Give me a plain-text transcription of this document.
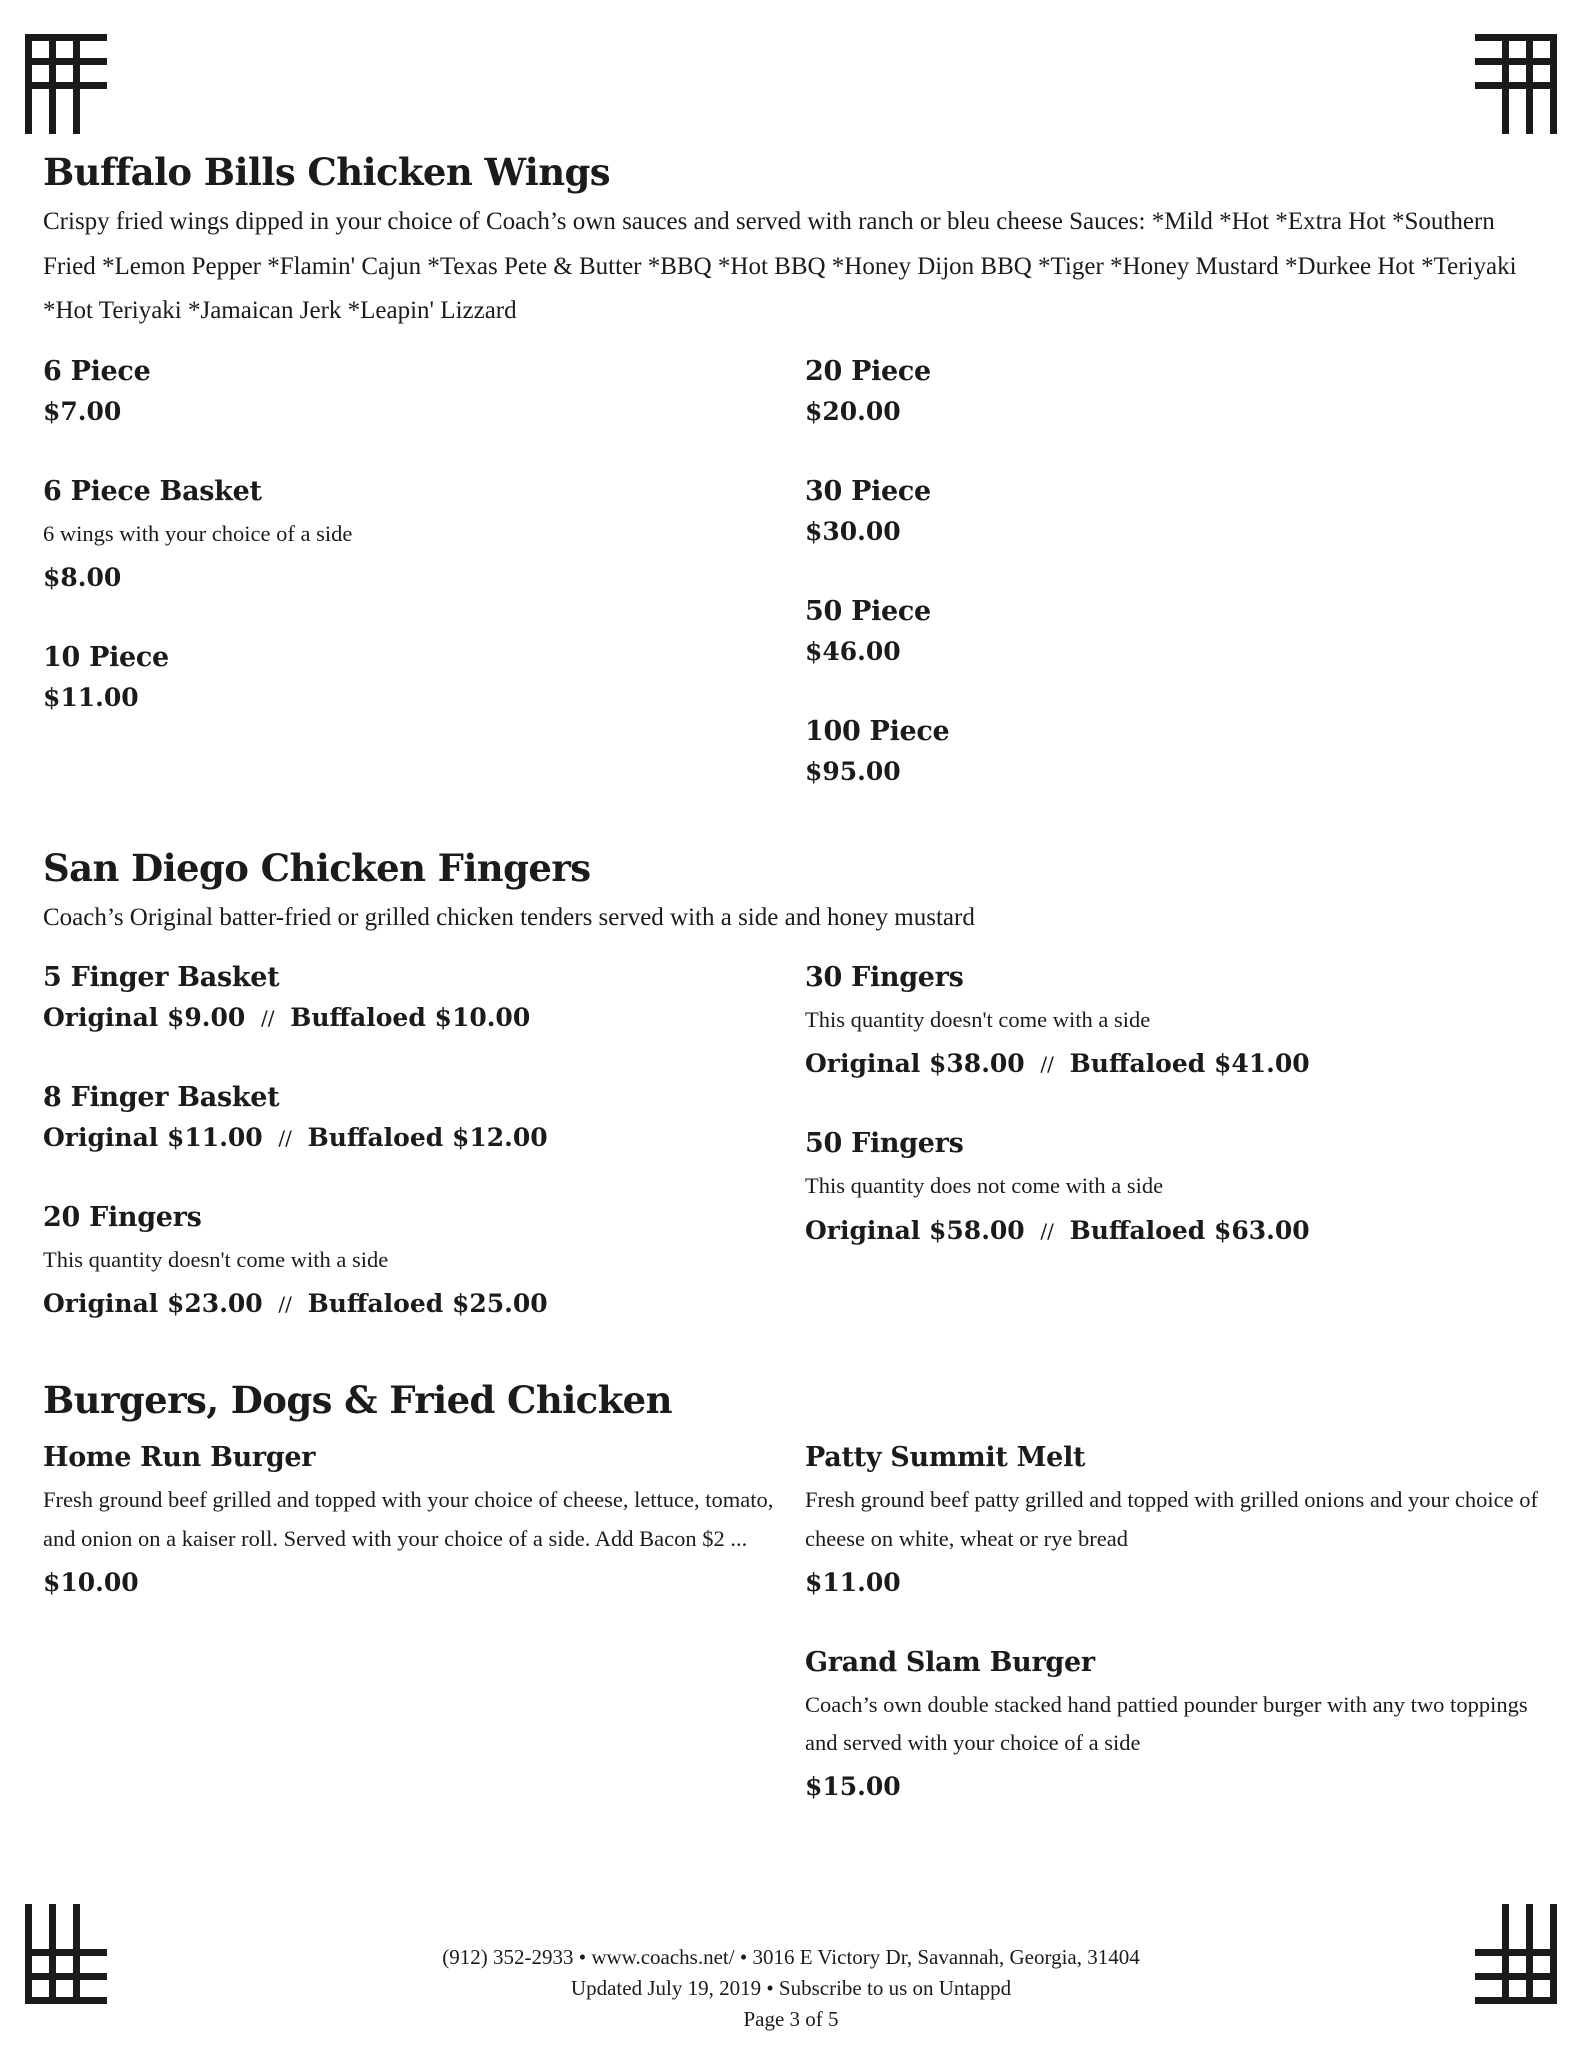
Buffalo Bills Chicken Wings

Crispy fried wings dipped in your choice of Coach’s own sauces and served with ranch or bleu cheese Sauces: *Mild *Hot *Extra Hot *Southern Fried *Lemon Pepper *Flamin' Cajun *Texas Pete & Butter *BBQ *Hot BBQ *Honey Dijon BBQ *Tiger *Honey Mustard *Durkee Hot *Teriyaki *Hot Teriyaki *Jamaican Jerk *Leapin' Lizzard

6 Piece

$7.00

6 Piece Basket

6 wings with your choice of a side

$8.00

10 Piece

$11.00

20 Piece

$20.00

30 Piece

$30.00

50 Piece

$46.00

100 Piece

$95.00

San Diego Chicken Fingers

Coach’s Original batter-fried or grilled chicken tenders served with a side and honey mustard

5 Finger Basket

Original $9.00 // Buffaloed $10.00

8 Finger Basket

Original $11.00 // Buffaloed $12.00

20 Fingers

This quantity doesn't come with a side

Original $23.00 // Buffaloed $25.00

30 Fingers

This quantity doesn't come with a side

Original $38.00 // Buffaloed $41.00

50 Fingers

This quantity does not come with a side

Original $58.00 // Buffaloed $63.00

Burgers, Dogs & Fried Chicken
Home Run Burger

Fresh ground beef grilled and topped with your choice of cheese, lettuce, tomato, and onion on a kaiser roll. Served with your choice of a side. Add Bacon $2 ...

$10.00

Patty Summit Melt

Fresh ground beef patty grilled and topped with grilled onions and your choice of cheese on white, wheat or rye bread

$11.00

Grand Slam Burger

Coach’s own double stacked hand pattied pounder burger with any two toppings and served with your choice of a side

$15.00

(912) 352-2933 • www.coachs.net/ • 3016 E Victory Dr, Savannah, Georgia, 31404

Updated July 19, 2019 • Subscribe to us on Untappd

Page 3 of 5
